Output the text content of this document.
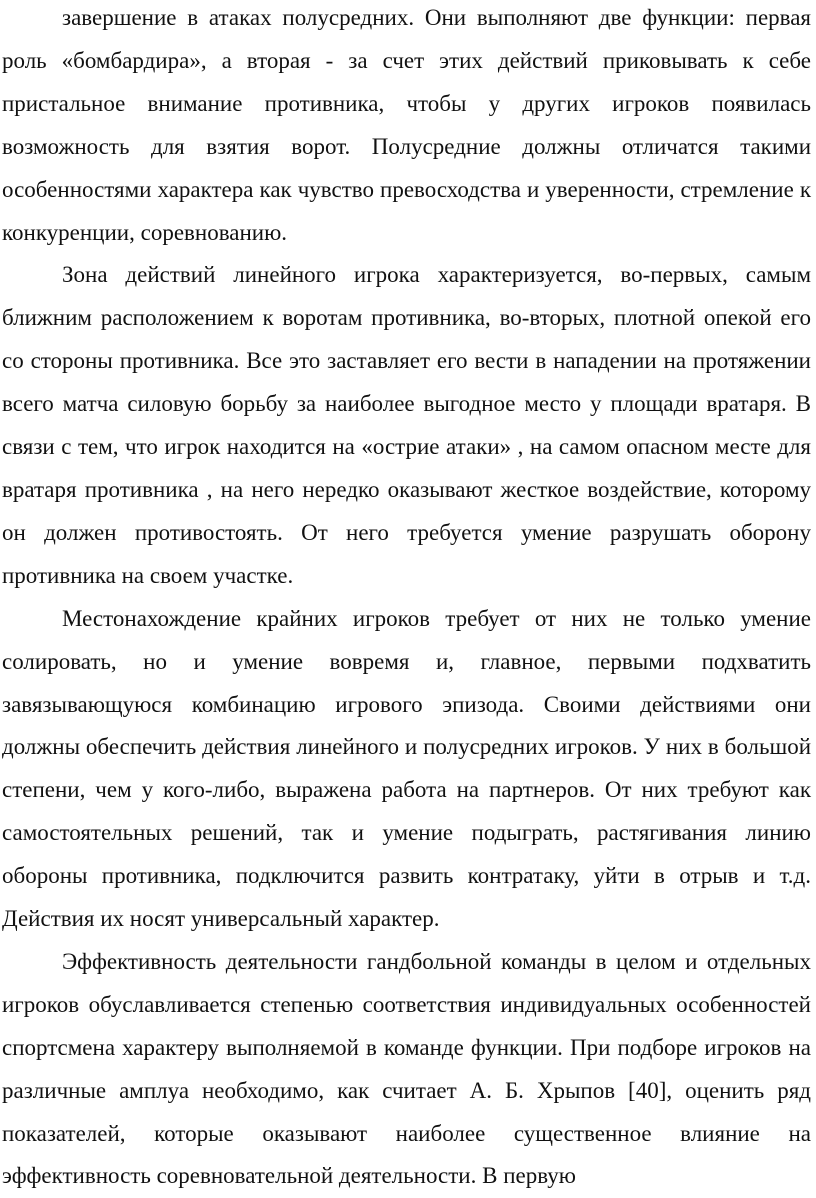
завершение в атаках полусредних. Они выполняют две функции: первая роль «бомбардира», а вторая - за счет этих действий приковывать к себе пристальное внимание противника, чтобы у других игроков появилась возможность для взятия ворот. Полусредние должны отличатся такими особенностями характера как чувство превосходства и уверенности, стремление к конкуренции, соревнованию.

Зона действий линейного игрока характеризуется, во-первых, самым ближним расположением к воротам противника, во-вторых, плотной опекой его со стороны противника. Все это заставляет его вести в нападении на протяжении всего матча силовую борьбу за наиболее выгодное место у площади вратаря. В связи с тем, что игрок находится на «острие атаки» , на самом опасном месте для вратаря противника , на него нередко оказывают жесткое воздействие, которому он должен противостоять. От него требуется умение разрушать оборону противника на своем участке.

Местонахождение крайних игроков требует от них не только умение солировать, но и умение вовремя и, главное, первыми подхватить завязывающуюся комбинацию игрового эпизода. Своими действиями они должны обеспечить действия линейного и полусредних игроков. У них в большой степени, чем у кого-либо, выражена работа на партнеров. От них требуют как самостоятельных решений, так и умение подыграть, растягивания линию обороны противника, подключится развить контратаку, уйти в отрыв и т.д. Действия их носят универсальный характер.

Эффективность деятельности гандбольной команды в целом и отдельных игроков обуславливается степенью соответствия индивидуальных особенностей спортсмена характеру выполняемой в команде функции. При подборе игроков на различные амплуа необходимо, как считает А. Б. Хрыпов [40], оценить ряд показателей, которые оказывают наиболее существенное влияние на эффективность соревновательной деятельности. В первую
